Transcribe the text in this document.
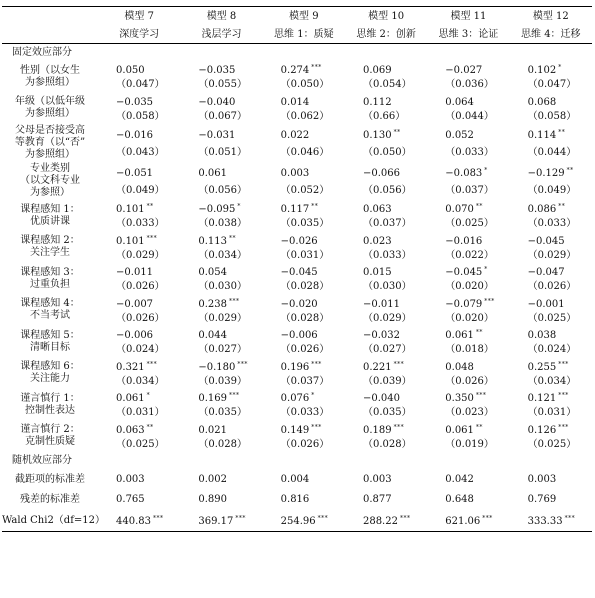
	模型 7	模型 8	模型 9	模型 10	模型 11	模型 12
	深度学习	浅层学习	思维 1：质疑	思维 2：创新	思维 3：论证	思维 4：迁移
固定效应部分						

性别（以女生
为参照组）	0.050	−0.035	0.274 ***	0.069	−0.027	0.102 *
	（0.047）	（0.055）	（0.050）	（0.054）	（0.036）	（0.047）

年级（以低年级
为参照组）	−0.035	−0.040	0.014	0.112	0.064	0.068
	（0.058）	（0.067）	（0.062）	（0.66）	（0.044）	（0.058）

父母是否接受高
等教育（以“否”
为参照组）	−0.016	−0.031	0.022	0.130 **	0.052	0.114 **
	（0.043）	（0.051）	（0.046）	（0.050）	（0.033）	（0.044）

专业类别
（以文科专业
为参照）	−0.051	0.061	0.003	−0.066	−0.083 *	−0.129 **
	（0.049）	（0.056）	（0.052）	（0.056）	（0.037）	（0.049）

课程感知 1：
优质讲课	0.101 **	−0.095 *	0.117 **	0.063	0.070 **	0.086 **
	（0.033）	（0.038）	（0.035）	（0.037）	（0.025）	（0.033）

课程感知 2：
关注学生	0.101 ***	0.113 **	−0.026	0.023	−0.016	−0.045
	（0.029）	（0.034）	（0.031）	（0.033）	（0.022）	（0.029）

课程感知 3：
过重负担	−0.011	0.054	−0.045	0.015	−0.045 *	−0.047
	（0.026）	（0.030）	（0.028）	（0.030）	（0.020）	（0.026）

课程感知 4：
不当考试	−0.007	0.238 ***	−0.020	−0.011	−0.079 ***	−0.001
	（0.026）	（0.029）	（0.028）	（0.029）	（0.020）	（0.025）

课程感知 5：
清晰目标	−0.006	0.044	−0.006	−0.032	0.061 **	0.038
	（0.024）	（0.027）	（0.026）	（0.027）	（0.018）	（0.024）

课程感知 6：
关注能力	0.321 ***	−0.180 ***	0.196 ***	0.221 ***	0.048	0.255 ***
	（0.034）	（0.039）	（0.037）	（0.039）	（0.026）	（0.034）

谨言慎行 1：
控制性表达	0.061 *	0.169 ***	0.076 *	−0.040	0.350 ***	0.121 ***
	（0.031）	（0.035）	（0.033）	（0.035）	（0.023）	（0.031）

谨言慎行 2：
克制性质疑	0.063 **	0.021	0.149 ***	0.189 ***	0.061 **	0.126 ***
	（0.025）	（0.028）	（0.026）	（0.028）	（0.019）	（0.025）
随机效应部分						
截距项的标准差	0.003	0.002	0.004	0.003	0.042	0.003
残差的标准差	0.765	0.890	0.816	0.877	0.648	0.769
Wald Chi2（df=12）	440.83 ***	369.17 ***	254.96 ***	288.22 ***	621.06 ***	333.33 ***
